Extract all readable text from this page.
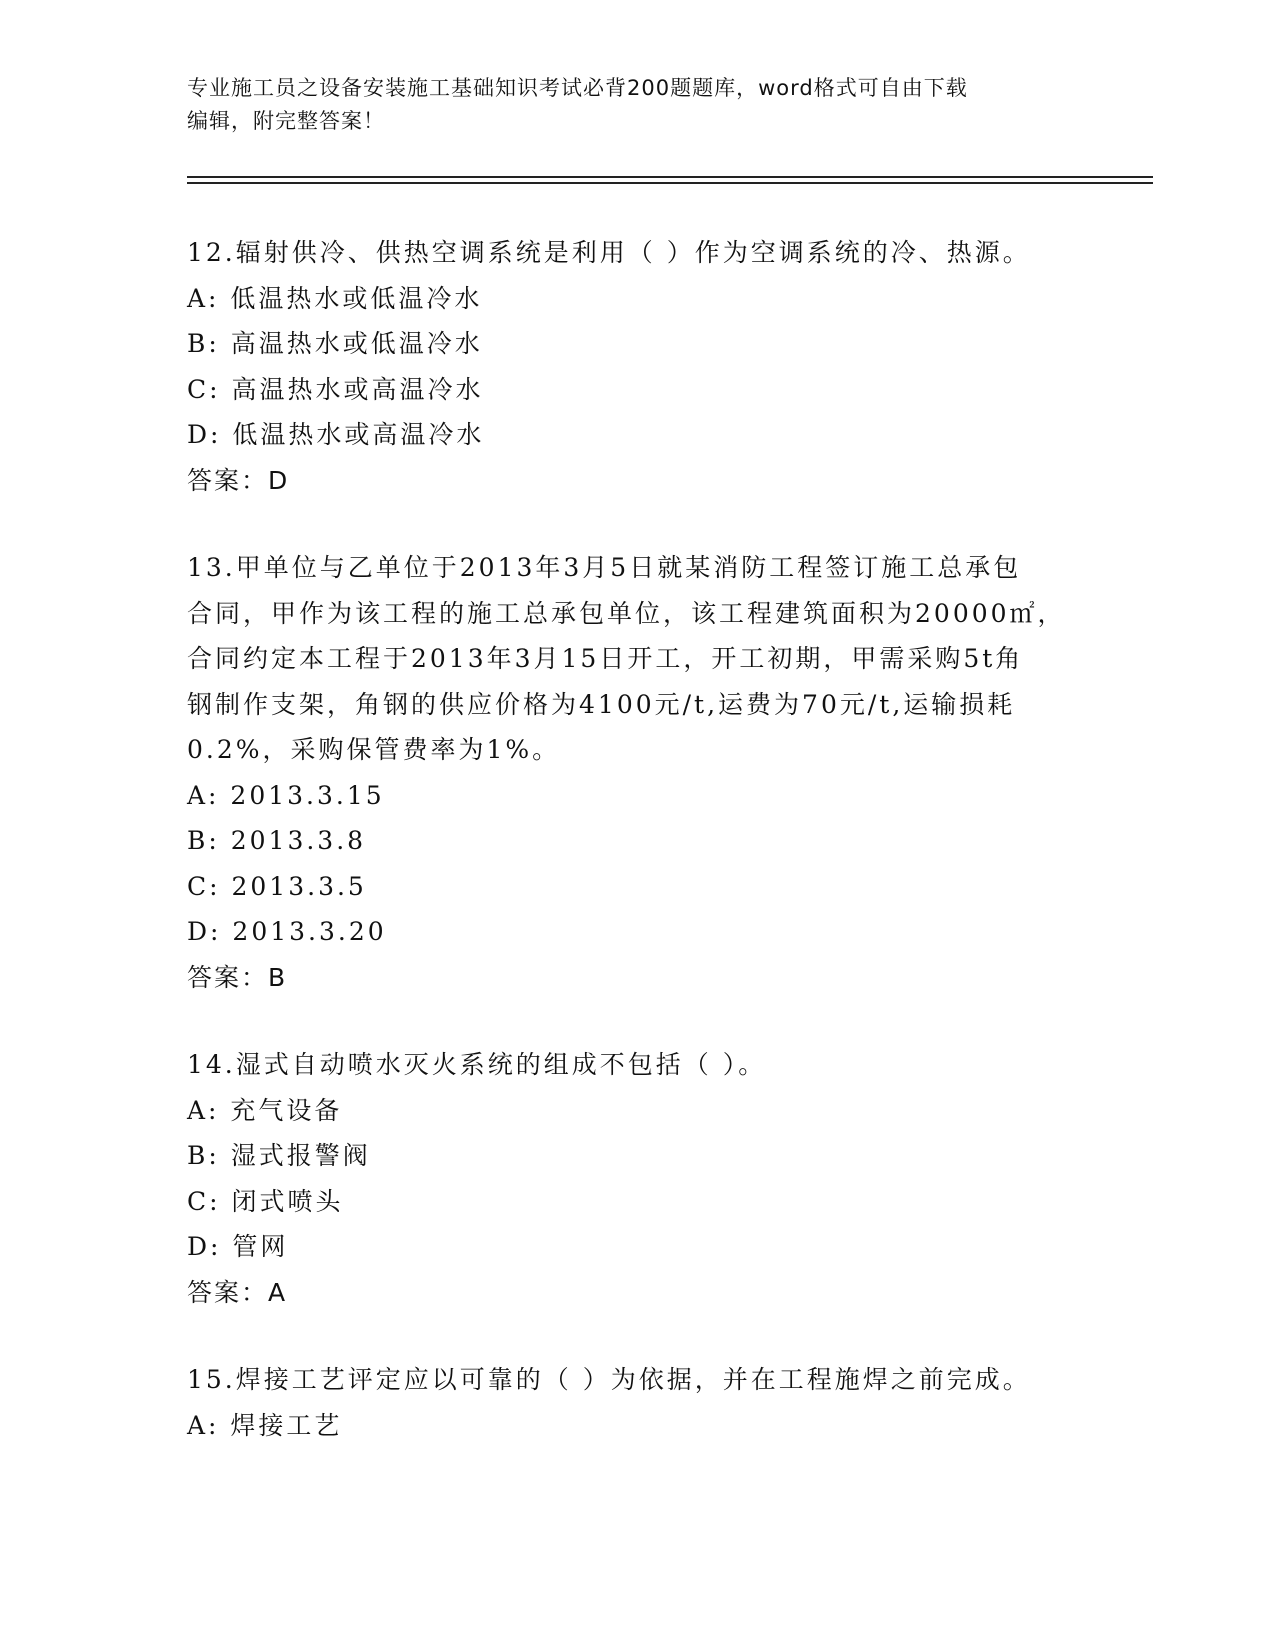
专业施工员之设备安装施工基础知识考试必背200题题库，word格式可自由下载
编辑，附完整答案！

12.辐射供冷、供热空调系统是利用（ ）作为空调系统的冷、热源。

A: 低温热水或低温冷水

B: 高温热水或低温冷水

C: 高温热水或高温冷水

D: 低温热水或高温冷水

答案：D

13.甲单位与乙单位于2013年3月5日就某消防工程签订施工总承包

合同，甲作为该工程的施工总承包单位，该工程建筑面积为20000㎡，

合同约定本工程于2013年3月15日开工，开工初期，甲需采购5t角

钢制作支架，角钢的供应价格为4100元/t,运费为70元/t,运输损耗

0.2%，采购保管费率为1%。

A: 2013.3.15

B: 2013.3.8

C: 2013.3.5

D: 2013.3.20

答案：B

14.湿式自动喷水灭火系统的组成不包括（ ）。

A: 充气设备

B: 湿式报警阀

C: 闭式喷头

D: 管网

答案：A

15.焊接工艺评定应以可靠的（ ）为依据，并在工程施焊之前完成。

A: 焊接工艺
